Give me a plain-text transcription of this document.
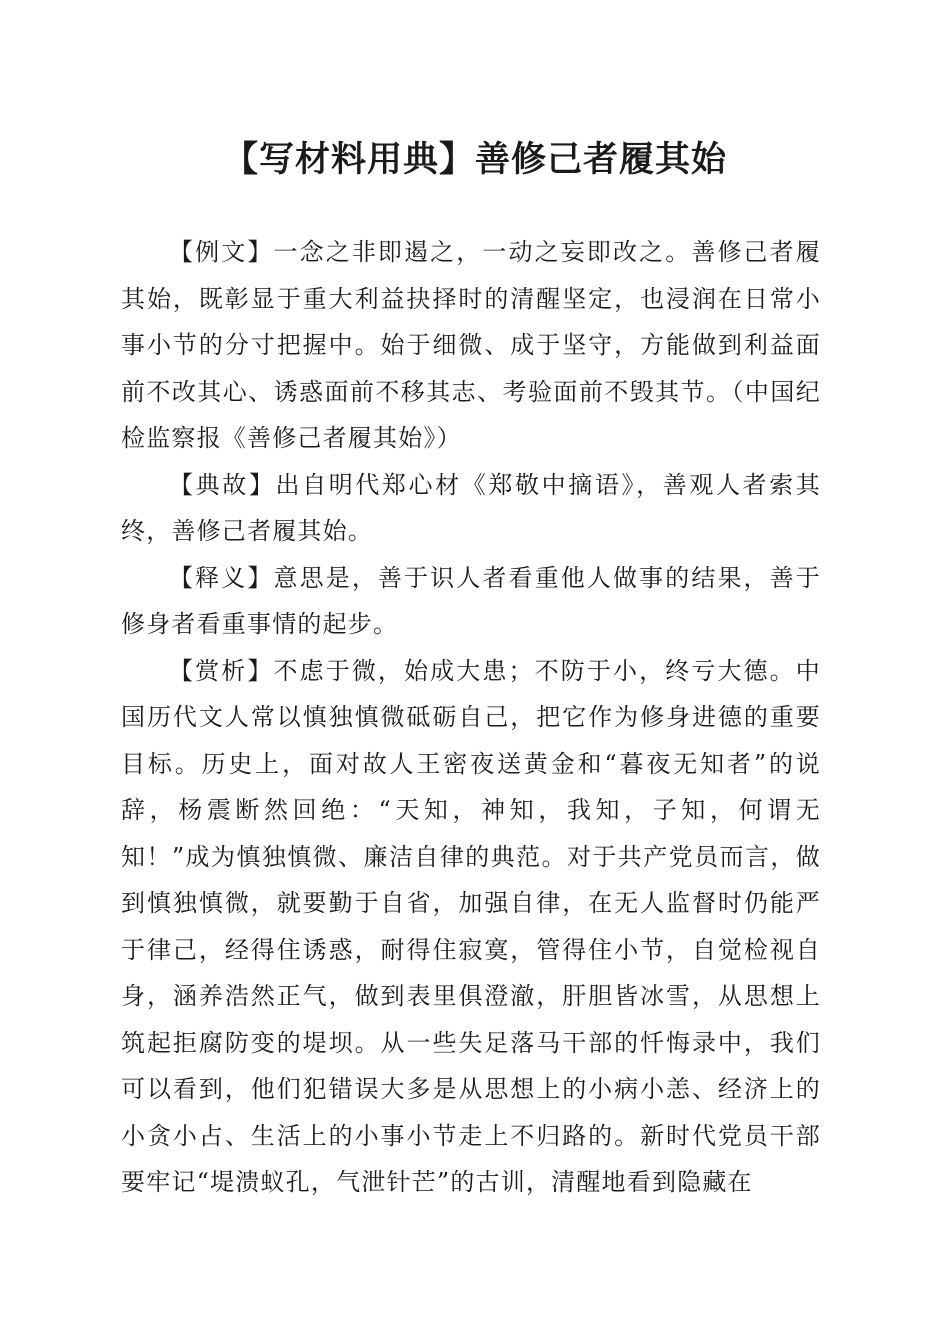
【写材料用典】善修己者履其始

【例文】一念之非即遏之，一动之妄即改之。善修己者履其始，既彰显于重大利益抉择时的清醒坚定，也浸润在日常小事小节的分寸把握中。始于细微、成于坚守，方能做到利益面前不改其心、诱惑面前不移其志、考验面前不毁其节。（中国纪检监察报《善修己者履其始》）

【典故】出自明代郑心材《郑敬中摘语》，善观人者索其终，善修己者履其始。

【释义】意思是，善于识人者看重他人做事的结果，善于修身者看重事情的起步。

【赏析】不虑于微，始成大患；不防于小，终亏大德。中国历代文人常以慎独慎微砥砺自己，把它作为修身进德的重要目标。历史上，面对故人王密夜送黄金和“暮夜无知者”的说辞，杨震断然回绝：“天知，神知，我知，子知，何谓无知！”成为慎独慎微、廉洁自律的典范。对于共产党员而言，做到慎独慎微，就要勤于自省，加强自律，在无人监督时仍能严于律己，经得住诱惑，耐得住寂寞，管得住小节，自觉检视自身，涵养浩然正气，做到表里俱澄澈，肝胆皆冰雪，从思想上筑起拒腐防变的堤坝。从一些失足落马干部的忏悔录中，我们可以看到，他们犯错误大多是从思想上的小病小恙、经济上的小贪小占、生活上的小事小节走上不归路的。新时代党员干部要牢记“堤溃蚁孔，气泄针芒”的古训，清醒地看到隐藏在
